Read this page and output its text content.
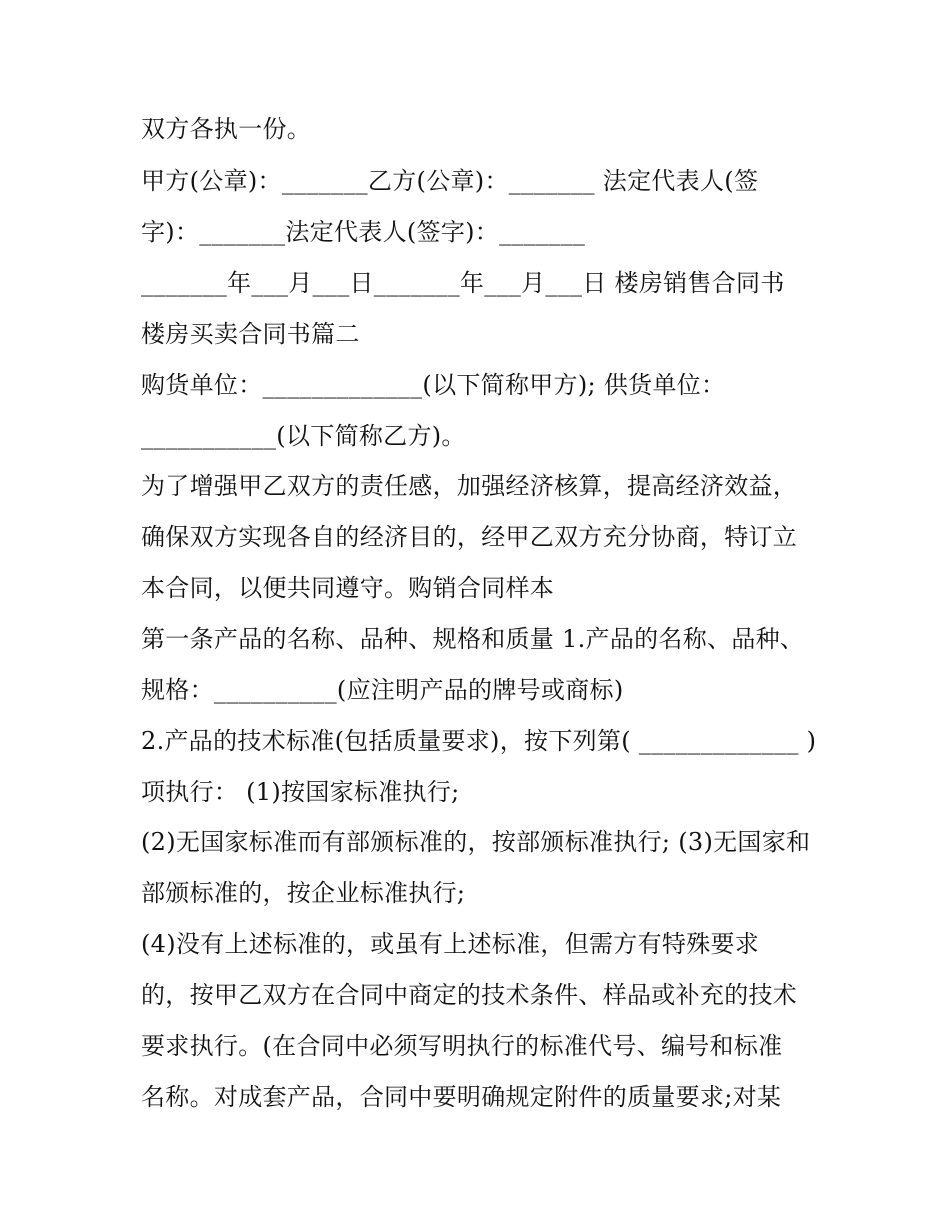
双方各执一份。
甲方(公章)：_______乙方(公章)：_______ 法定代表人(签
字)：_______法定代表人(签字)：_______
_______年___月___日_______年___月___日 楼房销售合同书
楼房买卖合同书篇二
购货单位：_____________(以下简称甲方); 供货单位：
___________(以下简称乙方)。
为了增强甲乙双方的责任感，加强经济核算，提高经济效益，
确保双方实现各自的经济目的，经甲乙双方充分协商，特订立
本合同，以便共同遵守。购销合同样本
第一条产品的名称、品种、规格和质量 1.产品的名称、品种、
规格：__________(应注明产品的牌号或商标)
2.产品的技术标准(包括质量要求)，按下列第( _____________ )
项执行： (1)按国家标准执行;
(2)无国家标准而有部颁标准的，按部颁标准执行; (3)无国家和
部颁标准的，按企业标准执行;
(4)没有上述标准的，或虽有上述标准，但需方有特殊要求
的，按甲乙双方在合同中商定的技术条件、样品或补充的技术
要求执行。(在合同中必须写明执行的标准代号、编号和标准
名称。对成套产品，合同中要明确规定附件的质量要求;对某
